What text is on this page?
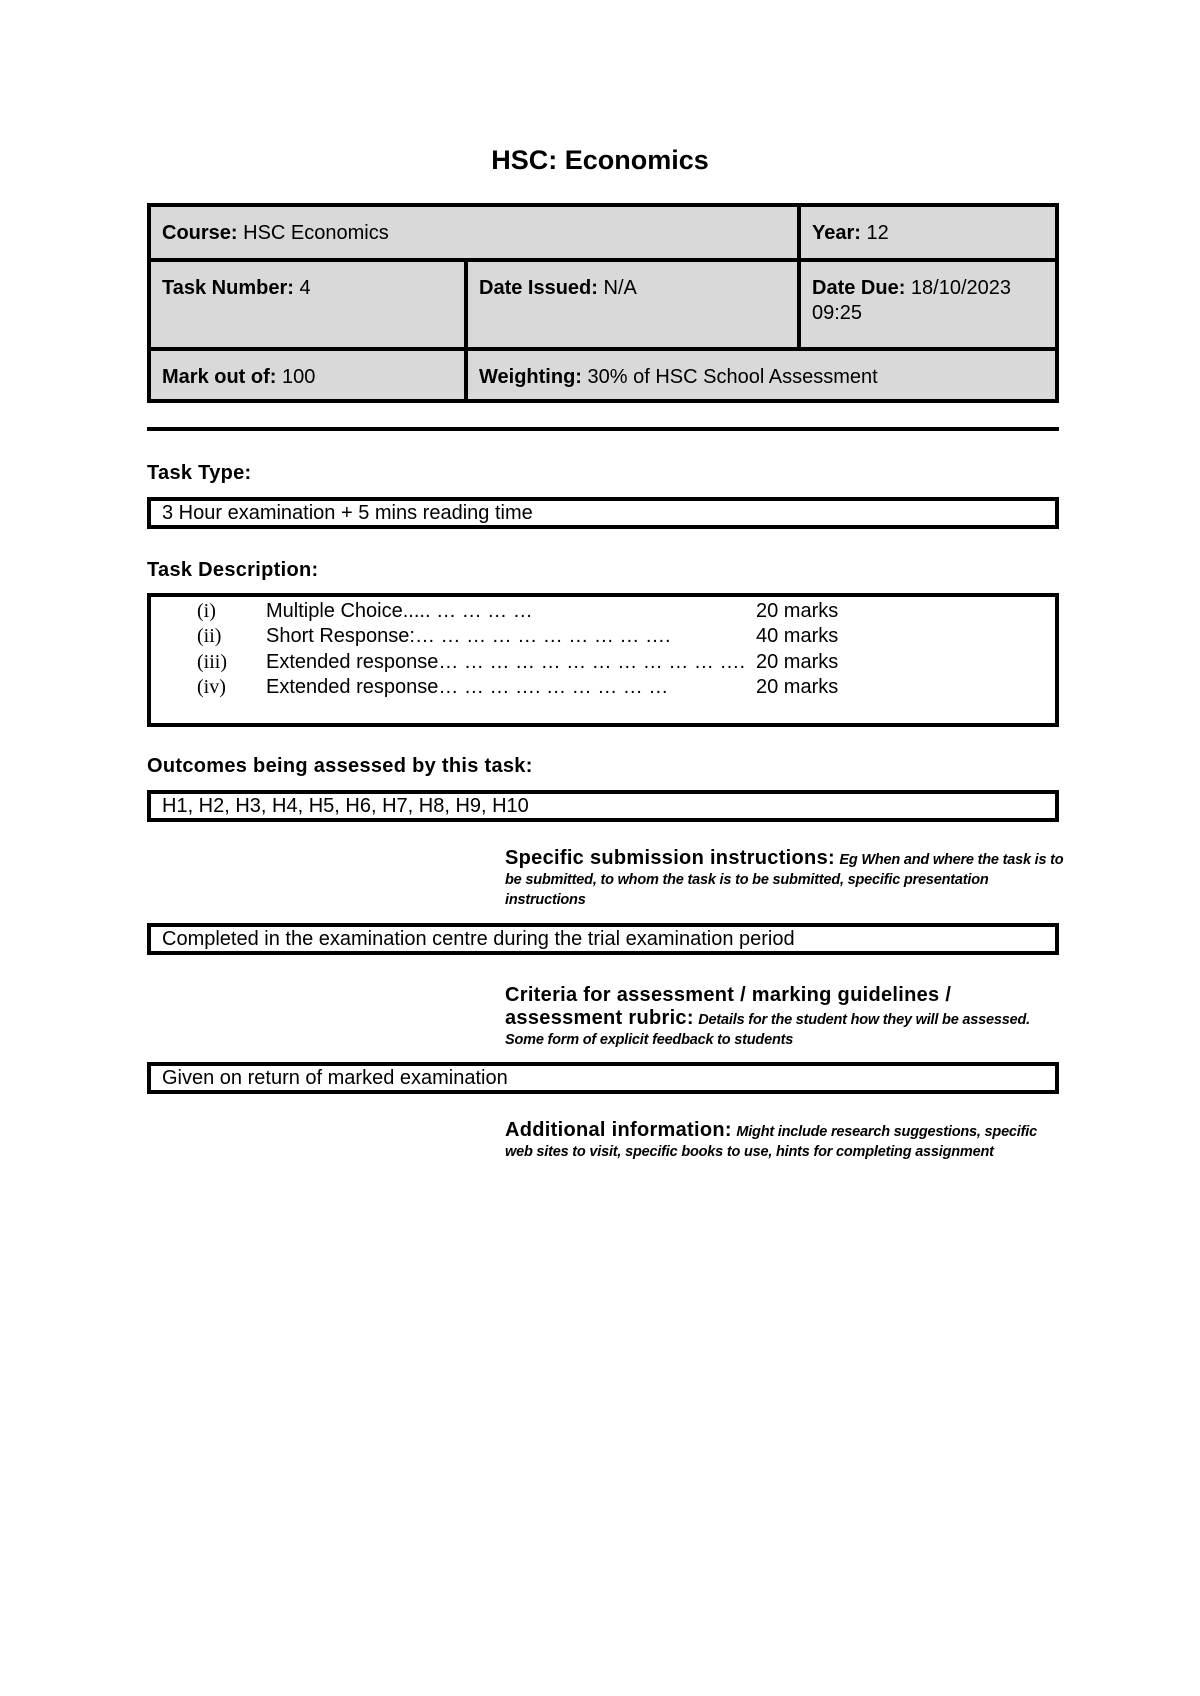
HSC: Economics
Course: HSC Economics	Year: 12
Task Number: 4	Date Issued: N/A	Date Due: 18/10/2023
09:25
Mark out of: 100	Weighting: 30% of HSC School Assessment
Task Type:
3 Hour examination + 5 mins reading time
Task Description:
(i)	Multiple Choice..... … … … …	20 marks
(ii) Short Response:… … … … … … … … … ….	40 marks
(iii) Extended response… … … … … … … … … … … …. 20 marks
(iv) Extended response… … … …. … … … … …	20 marks
Outcomes being assessed by this task:
H1, H2, H3, H4, H5, H6, H7, H8, H9, H10
Specific submission instructions: Eg When and where the task is to be submitted, to whom the task is to be submitted, specific presentation instructions
Completed in the examination centre during the trial examination period
Criteria for assessment / marking guidelines /
assessment rubric: Details for the student how they will be assessed. Some form of explicit feedback to students
Given on return of marked examination
Additional information: Might include research suggestions, specific web sites to visit, specific books to use, hints for completing assignment
